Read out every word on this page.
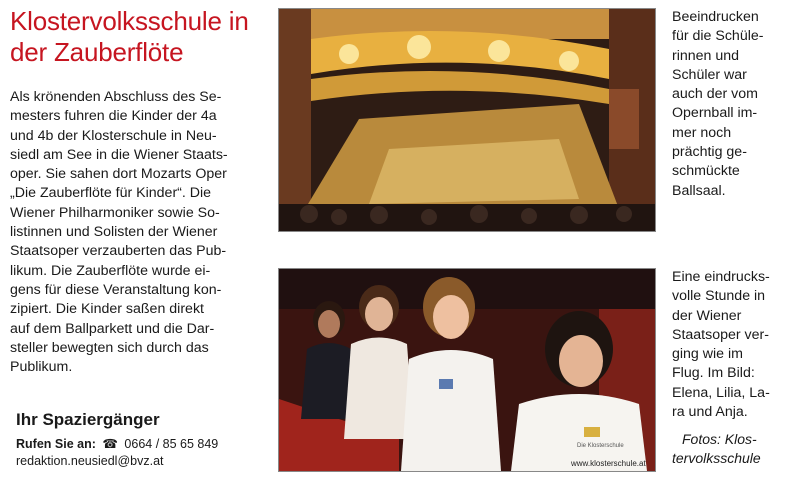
Klostervolksschule in
der Zauberflöte
Als krönenden Abschluss des Se-
mesters fuhren die Kinder der 4a
und 4b der Klosterschule in Neu-
siedl am See in die Wiener Staats-
oper. Sie sahen dort Mozarts Oper
„Die Zauberflöte für Kinder“. Die
Wiener Philharmoniker sowie So-
listinnen und Solisten der Wiener
Staatsoper verzauberten das Pub-
likum. Die Zauberflöte wurde ei-
gens für diese Veranstaltung kon-
zipiert. Die Kinder saßen direkt
auf dem Ballparkett und die Dar-
steller bewegten sich durch das
Publikum.
Ihr Spaziergänger
Rufen Sie an: ☎ 0664 / 85 65 849
redaktion.neusiedl@bvz.at
Beeindrucken
für die Schüle-
rinnen und
Schüler war
auch der vom
Opernball im-
mer noch
prächtig ge-
schmückte
Ballsaal.
Die Klosterschule
www.klosterschule.at
Eine eindrucks-
volle Stunde in
der Wiener
Staatsoper ver-
ging wie im
Flug. Im Bild:
Elena, Lilia, La-
ra und Anja.
Fotos: Klos-
tervolksschule
